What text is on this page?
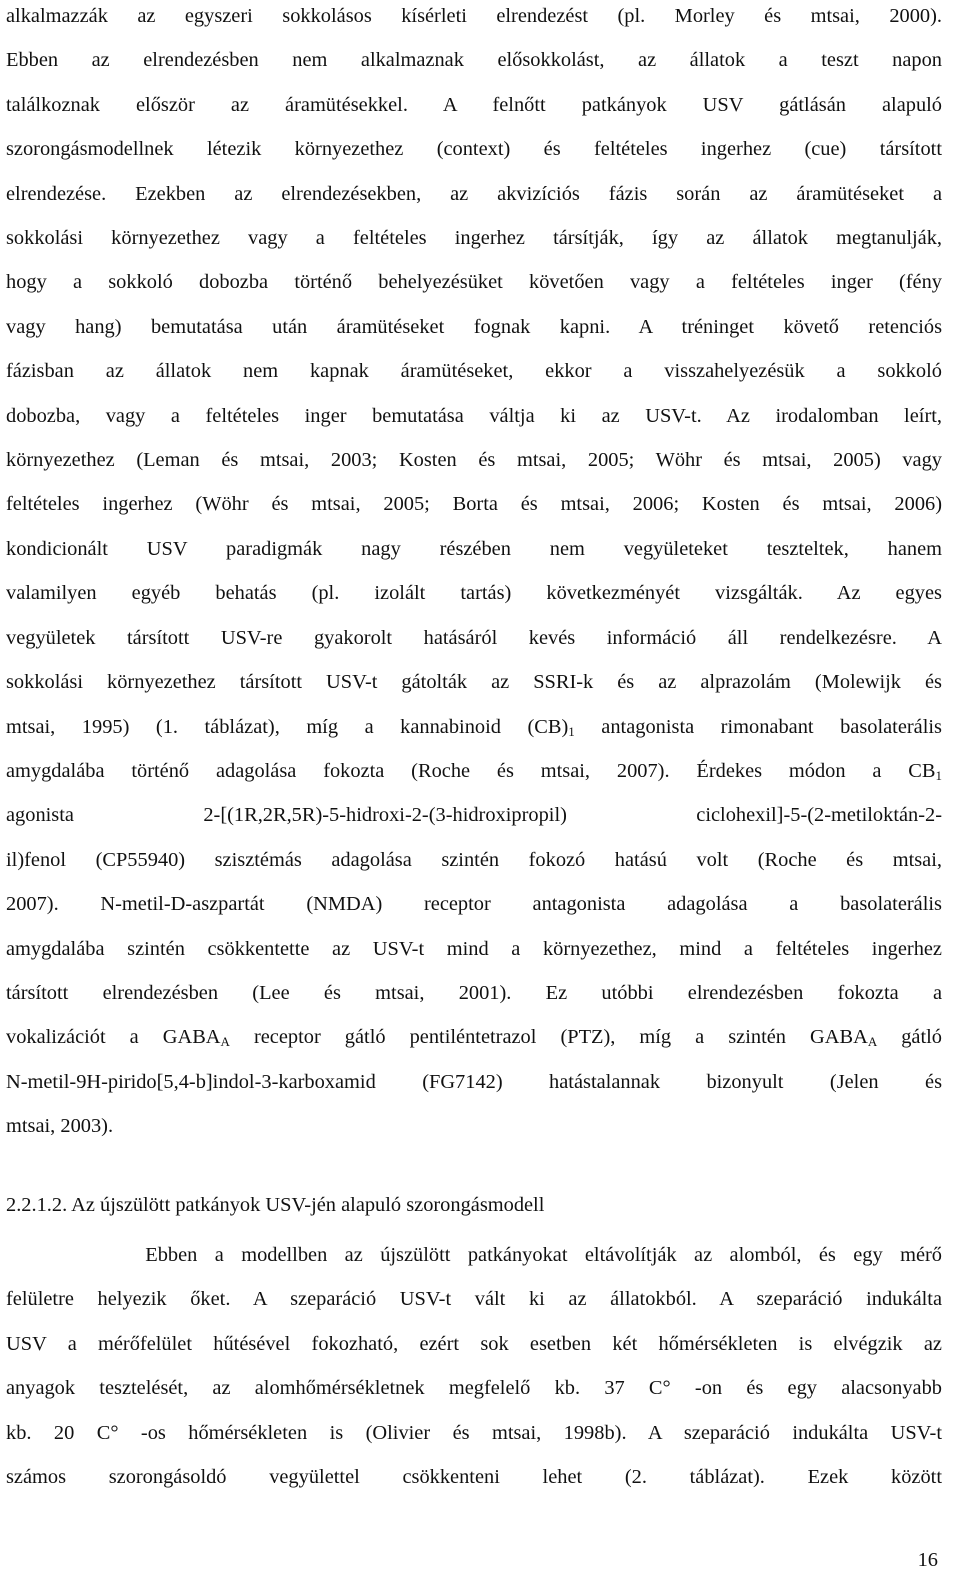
alkalmazzák az egyszeri sokkolásos kísérleti elrendezést (pl. Morley és mtsai, 2000).
Ebben az elrendezésben nem alkalmaznak elősokkolást, az állatok a teszt napon
találkoznak először az áramütésekkel. A felnőtt patkányok USV gátlásán alapuló
szorongásmodellnek létezik környezethez (context) és feltételes ingerhez (cue) társított
elrendezése. Ezekben az elrendezésekben, az akvizíciós fázis során az áramütéseket a
sokkolási környezethez vagy a feltételes ingerhez társítják, így az állatok megtanulják,
hogy a sokkoló dobozba történő behelyezésüket követően vagy a feltételes inger (fény
vagy hang) bemutatása után áramütéseket fognak kapni. A tréninget követő retenciós
fázisban az állatok nem kapnak áramütéseket, ekkor a visszahelyezésük a sokkoló
dobozba, vagy a feltételes inger bemutatása váltja ki az USV-t. Az irodalomban leírt,
környezethez (Leman és mtsai, 2003; Kosten és mtsai, 2005; Wöhr és mtsai, 2005) vagy
feltételes ingerhez (Wöhr és mtsai, 2005; Borta és mtsai, 2006; Kosten és mtsai, 2006)
kondicionált USV paradigmák nagy részében nem vegyületeket teszteltek, hanem
valamilyen egyéb behatás (pl. izolált tartás) következményét vizsgálták. Az egyes
vegyületek társított USV-re gyakorolt hatásáról kevés információ áll rendelkezésre. A
sokkolási környezethez társított USV-t gátolták az SSRI-k és az alprazolám (Molewijk és
mtsai, 1995) (1. táblázat), míg a kannabinoid $(CB)_1$ antagonista rimonabant basolaterális
amygdalába történő adagolása fokozta (Roche és mtsai, 2007). Érdekes módon a $CB_1$
agonista 2-[(1R,2R,5R)-5-hidroxi-2-(3-hidroxipropil) ciclohexil]-5-(2-metiloktán-2-
il)fenol (CP55940) szisztémás adagolása szintén fokozó hatású volt (Roche és mtsai,
2007). N-metil-D-aszpartát (NMDA) receptor antagonista adagolása a basolaterális
amygdalába szintén csökkentette az USV-t mind a környezethez, mind a feltételes ingerhez
társított elrendezésben (Lee és mtsai, 2001). Ez utóbbi elrendezésben fokozta a
vokalizációt a $GABA_A$ receptor gátló pentiléntetrazol (PTZ), míg a szintén $GABA_A$ gátló
N-metil-9H-pirido[5,4-b]indol-3-karboxamid (FG7142) hatástalannak bizonyult (Jelen és
mtsai, 2003).

2.2.1.2. Az újszülött patkányok USV-jén alapuló szorongásmodell

Ebben a modellben az újszülött patkányokat eltávolítják az alomból, és egy mérő
felületre helyezik őket. A szeparáció USV-t vált ki az állatokból. A szeparáció indukálta
USV a mérőfelület hűtésével fokozható, ezért sok esetben két hőmérsékleten is elvégzik az
anyagok tesztelését, az alomhőmérsékletnek megfelelő kb. 37 C° -on és egy alacsonyabb
kb. 20 C° -os hőmérsékleten is (Olivier és mtsai, 1998b). A szeparáció indukálta USV-t
számos szorongásoldó vegyülettel csökkenteni lehet (2. táblázat). Ezek között
16
